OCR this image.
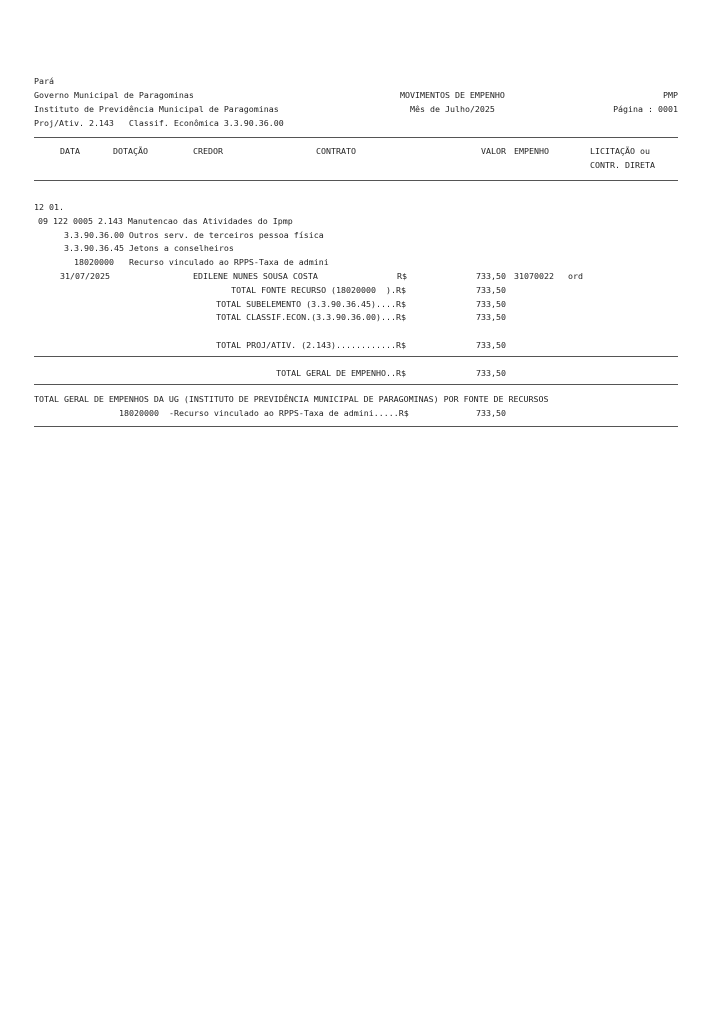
Pará
Governo Municipal de Paragominas
Instituto de Previdência Municipal de Paragominas
Proj/Ativ. 2.143   Classif. Econômica 3.3.90.36.00
MOVIMENTOS DE EMPENHO
Mês de Julho/2025
PMP
Página : 0001
DATA	DOTAÇÃO	CREDOR	CONTRATO	VALOR EMPENHO	LICITAÇÃO ou
CONTR. DIRETA
12 01.
09 122 0005 2.143 Manutencao das Atividades do Ipmp
3.3.90.36.00 Outros serv. de terceiros pessoa física
3.3.90.36.45 Jetons a conselheiros
18020000   Recurso vinculado ao RPPS-Taxa de admini
31/07/2025	EDILENE NUNES SOUSA COSTA	R$	733,50 31070022 ord
TOTAL FONTE RECURSO (18020000  ).R$	733,50
TOTAL SUBELEMENTO (3.3.90.36.45)....R$	733,50
TOTAL CLASSIF.ECON.(3.3.90.36.00)...R$	733,50
TOTAL PROJ/ATIV. (2.143)............R$	733,50
TOTAL GERAL DE EMPENHO..R$	733,50
TOTAL GERAL DE EMPENHOS DA UG (INSTITUTO DE PREVIDÊNCIA MUNICIPAL DE PARAGOMINAS) POR FONTE DE RECURSOS
18020000  -Recurso vinculado ao RPPS-Taxa de admini.....R$	733,50
